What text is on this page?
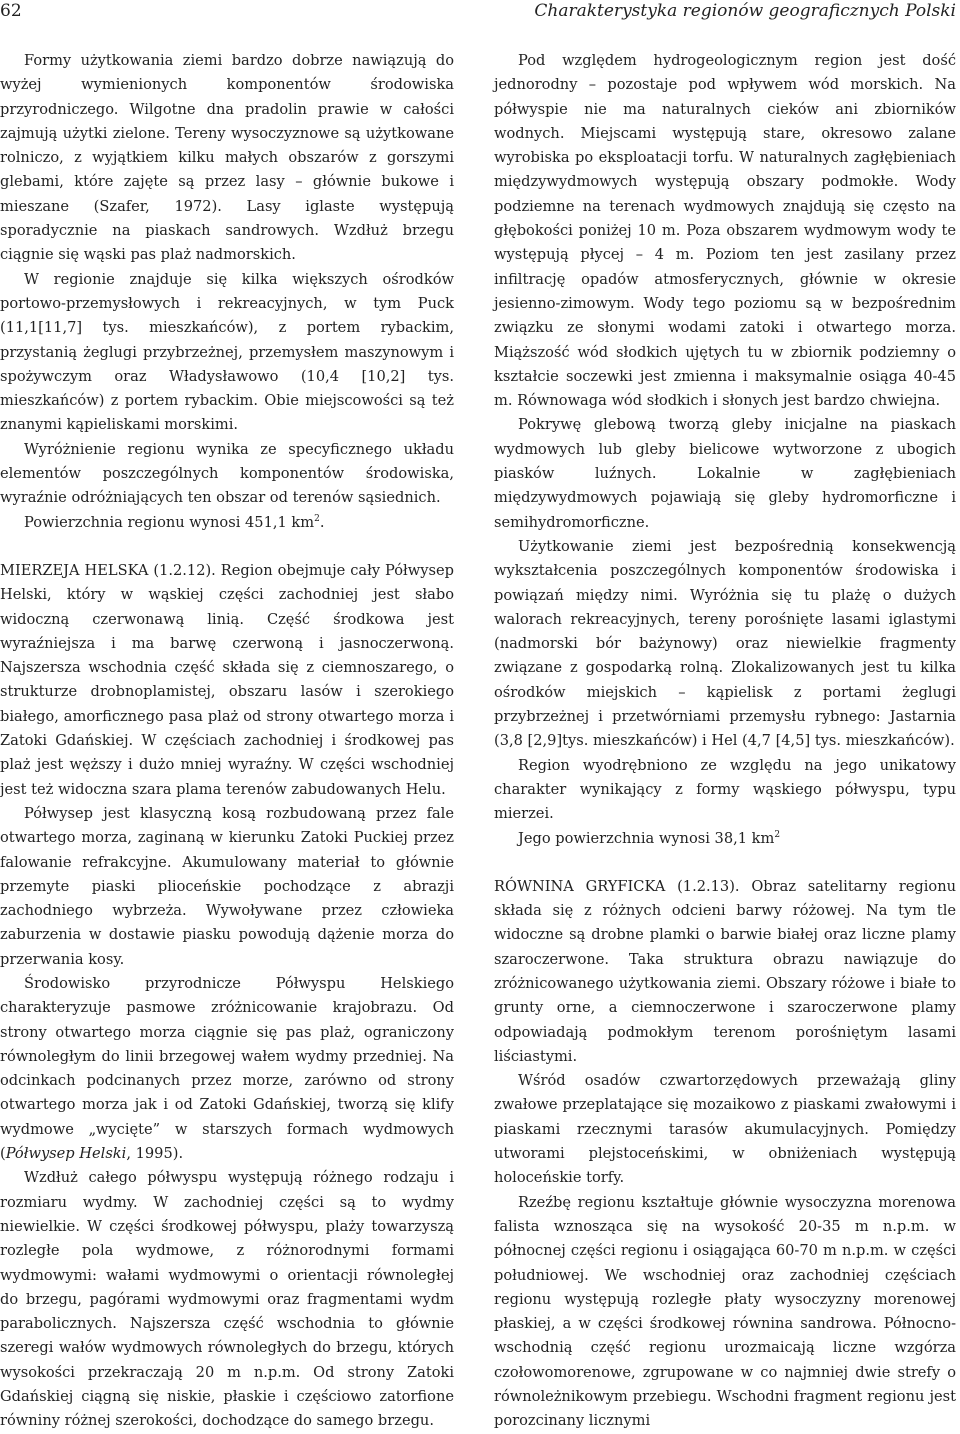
62	Charakterystyka regionów geograficznych Polski

Formy użytkowania ziemi bardzo dobrze nawiązują do wyżej wymienionych komponentów środowiska przyrodniczego. Wilgotne dna pradolin prawie w całości zajmują użytki zielone. Tereny wysoczyznowe są użytkowane rolniczo, z wyjątkiem kilku małych obszarów z gorszymi glebami, które zajęte są przez lasy – głównie bukowe i mieszane (Szafer, 1972). Lasy iglaste występują sporadycznie na piaskach sandrowych. Wzdłuż brzegu ciągnie się wąski pas plaż nadmorskich.

W regionie znajduje się kilka większych ośrodków portowo-przemysłowych i rekreacyjnych, w tym Puck (11,1[11,7] tys. mieszkańców), z portem rybackim, przystanią żeglugi przybrzeżnej, przemysłem maszynowym i spożywczym oraz Władysławowo (10,4 [10,2] tys. mieszkańców) z portem rybackim. Obie miejscowości są też znanymi kąpieliskami morskimi.

Wyróżnienie regionu wynika ze specyficznego układu elementów poszczególnych komponentów środowiska, wyraźnie odróżniających ten obszar od terenów sąsiednich.

Powierzchnia regionu wynosi 451,1 $km^2$.

MIERZEJA HELSKA (1.2.12). Region obejmuje cały Półwysep Helski, który w wąskiej części zachodniej jest słabo widoczną czerwonawą linią. Część środkowa jest wyraźniejsza i ma barwę czerwoną i jasnoczerwoną. Najszersza wschodnia część składa się z ciemnoszarego, o strukturze drobnoplamistej, obszaru lasów i szerokiego białego, amorficznego pasa plaż od strony otwartego morza i Zatoki Gdańskiej. W częściach zachodniej i środkowej pas plaż jest węższy i dużo mniej wyraźny. W części wschodniej jest też widoczna szara plama terenów zabudowanych Helu.

Półwysep jest klasyczną kosą rozbudowaną przez fale otwartego morza, zaginaną w kierunku Zatoki Puckiej przez falowanie refrakcyjne. Akumulowany materiał to głównie przemyte piaski plioceńskie pochodzące z abrazji zachodniego wybrzeża. Wywoływane przez człowieka zaburzenia w dostawie piasku powodują dążenie morza do przerwania kosy.

Środowisko przyrodnicze Półwyspu Helskiego charakteryzuje pasmowe zróżnicowanie krajobrazu. Od strony otwartego morza ciągnie się pas plaż, ograniczony równoległym do linii brzegowej wałem wydmy przedniej. Na odcinkach podcinanych przez morze, zarówno od strony otwartego morza jak i od Zatoki Gdańskiej, tworzą się klify wydmowe „wycięte” w starszych formach wydmowych (Półwysep Helski, 1995).

Wzdłuż całego półwyspu występują różnego rodzaju i rozmiaru wydmy. W zachodniej części są to wydmy niewielkie. W części środkowej półwyspu, plaży towarzyszą rozległe pola wydmowe, z różnorodnymi formami wydmowymi: wałami wydmowymi o orientacji równoległej do brzegu, pagórami wydmowymi oraz fragmentami wydm parabolicznych. Najszersza część wschodnia to głównie szeregi wałów wydmowych równoległych do brzegu, których wysokości przekraczają 20 m n.p.m. Od strony Zatoki Gdańskiej ciągną się niskie, płaskie i częściowo zatorfione równiny różnej szerokości, dochodzące do samego brzegu.

Pod względem hydrogeologicznym region jest dość jednorodny – pozostaje pod wpływem wód morskich. Na półwyspie nie ma naturalnych cieków ani zbiorników wodnych. Miejscami występują stare, okresowo zalane wyrobiska po eksploatacji torfu. W naturalnych zagłębieniach międzywydmowych występują obszary podmokłe. Wody podziemne na terenach wydmowych znajdują się często na głębokości poniżej 10 m. Poza obszarem wydmowym wody te występują płycej – 4 m. Poziom ten jest zasilany przez infiltrację opadów atmosferycznych, głównie w okresie jesienno-zimowym. Wody tego poziomu są w bezpośrednim związku ze słonymi wodami zatoki i otwartego morza. Miąższość wód słodkich ujętych tu w zbiornik podziemny o kształcie soczewki jest zmienna i maksymalnie osiąga 40-45 m. Równowaga wód słodkich i słonych jest bardzo chwiejna.

Pokrywę glebową tworzą gleby inicjalne na piaskach wydmowych lub gleby bielicowe wytworzone z ubogich piasków luźnych. Lokalnie w zagłębieniach międzywydmowych pojawiają się gleby hydromorficzne i semihydromorficzne.

Użytkowanie ziemi jest bezpośrednią konsekwencją wykształcenia poszczególnych komponentów środowiska i powiązań między nimi. Wyróżnia się tu plażę o dużych walorach rekreacyjnych, tereny porośnięte lasami iglastymi (nadmorski bór bażynowy) oraz niewielkie fragmenty związane z gospodarką rolną. Zlokalizowanych jest tu kilka ośrodków miejskich – kąpielisk z portami żeglugi przybrzeżnej i przetwórniami przemysłu rybnego: Jastarnia (3,8 [2,9]tys. mieszkańców) i Hel (4,7 [4,5] tys. mieszkańców).

Region wyodrębniono ze względu na jego unikatowy charakter wynikający z formy wąskiego półwyspu, typu mierzei.

Jego powierzchnia wynosi 38,1 $km^2$

RÓWNINA GRYFICKA (1.2.13). Obraz satelitarny regionu składa się z różnych odcieni barwy różowej. Na tym tle widoczne są drobne plamki o barwie białej oraz liczne plamy szaroczerwone. Taka struktura obrazu nawiązuje do zróżnicowanego użytkowania ziemi. Obszary różowe i białe to grunty orne, a ciemnoczerwone i szaroczerwone plamy odpowiadają podmokłym terenom porośniętym lasami liściastymi.

Wśród osadów czwartorzędowych przeważają gliny zwałowe przeplatające się mozaikowo z piaskami zwałowymi i piaskami rzecznymi tarasów akumulacyjnych. Pomiędzy utworami plejstoceńskimi, w obniżeniach występują holoceńskie torfy.

Rzeźbę regionu kształtuje głównie wysoczyzna morenowa falista wznosząca się na wysokość 20-35 m n.p.m. w północnej części regionu i osiągająca 60-70 m n.p.m. w części południowej. We wschodniej oraz zachodniej częściach regionu występują rozległe płaty wysoczyzny morenowej płaskiej, a w części środkowej równina sandrowa. Północno-wschodnią część regionu urozmaicają liczne wzgórza czołowomorenowe, zgrupowane w co najmniej dwie strefy o równoleżnikowym przebiegu. Wschodni fragment regionu jest porozcinany licznymi
